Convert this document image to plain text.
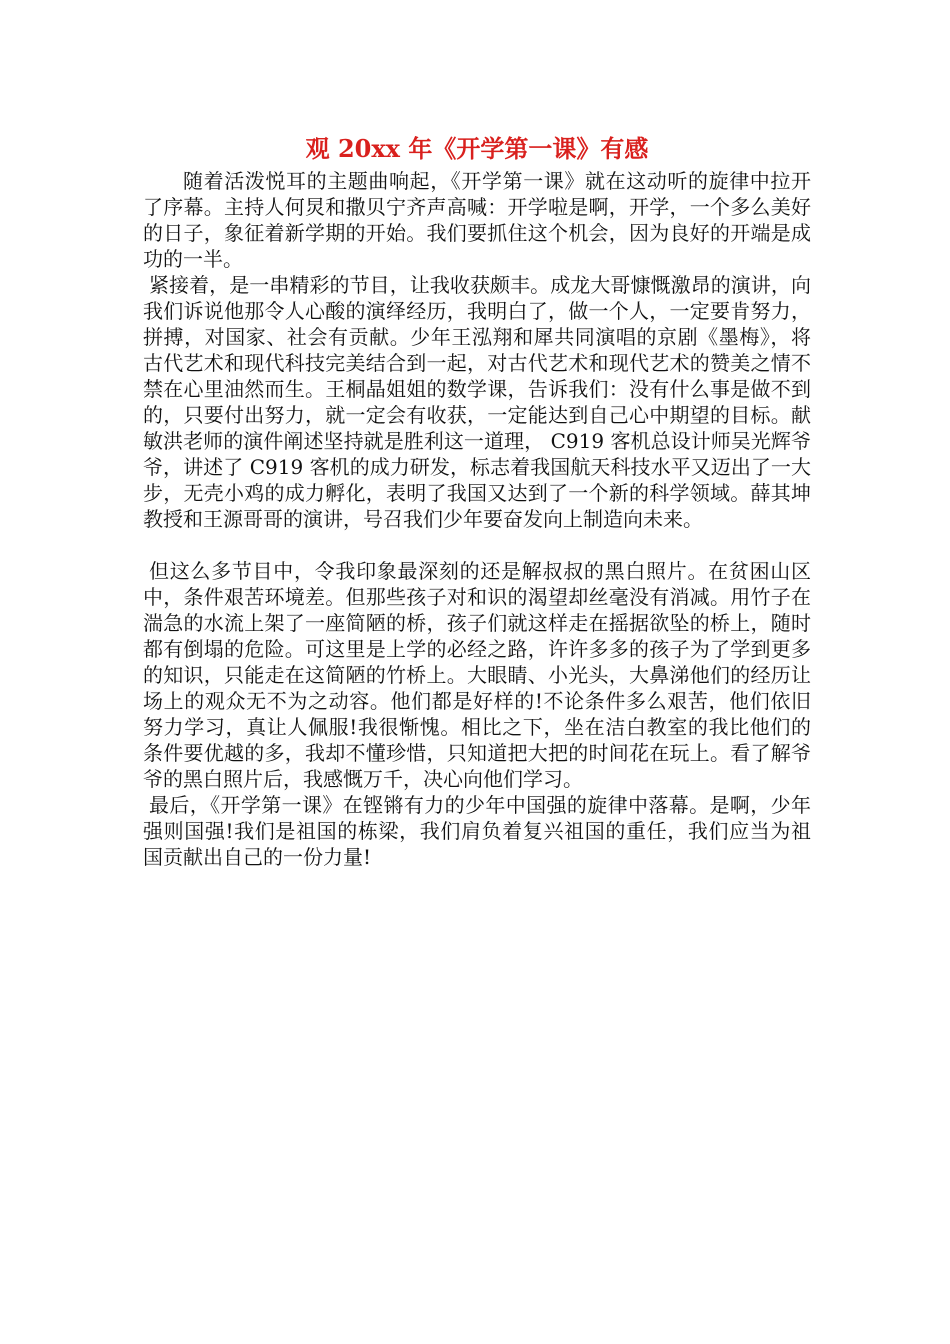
观 20xx 年《开学第一课》有感

随着活泼悦耳的主题曲响起，《开学第一课》就在这动听的旋律中拉开了序幕。主持人何炅和撒贝宁齐声高喊：开学啦是啊，开学，一个多么美好的日子，象征着新学期的开始。我们要抓住这个机会，因为良好的开端是成功的一半。

紧接着，是一串精彩的节目，让我收获颇丰。成龙大哥慷慨激昂的演讲，向我们诉说他那令人心酸的演绎经历，我明白了，做一个人，一定要肯努力，拼搏，对国家、社会有贡献。少年王泓翔和犀共同演唱的京剧《墨梅》，将古代艺术和现代科技完美结合到一起，对古代艺术和现代艺术的赞美之情不禁在心里油然而生。王桐晶姐姐的数学课，告诉我们：没有什么事是做不到的，只要付出努力，就一定会有收获，一定能达到自己心中期望的目标。献敏洪老师的演件阐述坚持就是胜利这一道理， C919 客机总设计师吴光辉爷爷，讲述了 C919 客机的成力研发，标志着我国航天科技水平又迈出了一大步，无壳小鸡的成力孵化，表明了我国又达到了一个新的科学领域。薛其坤教授和王源哥哥的演讲，号召我们少年要奋发向上制造向未来。

但这么多节目中，令我印象最深刻的还是解叔叔的黑白照片。在贫困山区中，条件艰苦环境差。但那些孩子对和识的渴望却丝毫没有消减。用竹子在湍急的水流上架了一座简陋的桥，孩子们就这样走在摇据欲坠的桥上，随时都有倒塌的危险。可这里是上学的必经之路，许许多多的孩子为了学到更多的知识，只能走在这简陋的竹桥上。大眼睛、小光头，大鼻涕他们的经历让场上的观众无不为之动容。他们都是好样的!不论条件多么艰苦，他们依旧努力学习，真让人佩服!我很惭愧。相比之下，坐在洁白教室的我比他们的条件要优越的多，我却不懂珍惜，只知道把大把的时间花在玩上。看了解爷爷的黑白照片后，我感慨万千，决心向他们学习。

最后，《开学第一课》在铿锵有力的少年中国强的旋律中落幕。是啊，少年强则国强!我们是祖国的栋梁，我们肩负着复兴祖国的重任，我们应当为祖国贡献出自己的一份力量!
